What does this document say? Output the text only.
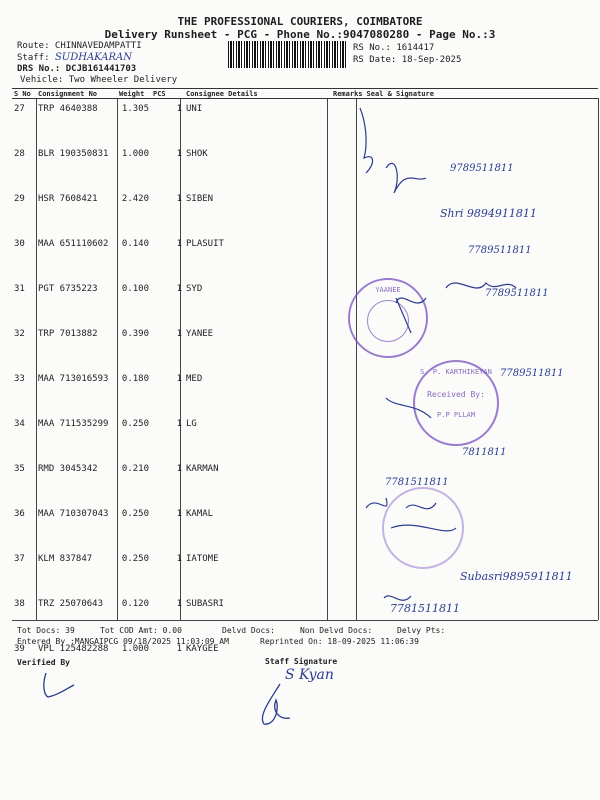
THE PROFESSIONAL COURIERS, COIMBATORE
Delivery Runsheet - PCG - Phone No.:9047080280 - Page No.:3
Route: CHINNAVEDAMPATTI
Staff: SUDHAKARAN
DRS No.: DCJB161441703
Vehicle: Two Wheeler Delivery
RS No.: 1614417
RS Date: 18-Sep-2025
S No	Consignment No	Weight	PCS	Consignee Details	Remarks	Seal & Signature
27	TRP 4640388	1.305	1	UNI		
28	BLR 190350831	1.000	1	SHOK		
29	HSR 7608421	2.420	1	SIBEN		
30	MAA 651110602	0.140	1	PLASUIT		
31	PGT 6735223	0.100	1	SYD		
32	TRP 7013882	0.390	1	YANEE		
33	MAA 713016593	0.180	1	MED		
34	MAA 711535299	0.250	1	LG		
35	RMD 3045342	0.210	1	KARMAN		
36	MAA 710307043	0.250	1	KAMAL		
37	KLM 837847	0.250	1	IATOME		
38	TRZ 25070643	0.120	1	SUBASRI		
39	VPL 125482288	1.000	1	KAYGEE		
YAANEE
S. P. KARTHIKEYAN
Received By:
P.P PLLAM
9789511811
Shri 9894911811
7789511811
7789511811
7789511811
7811811
7781511811
Subasri9895911811
7781511811
Tot Docs: 39	Tot COD Amt: 0.00	Delvd Docs:	Non Delvd Docs:	Delvy Pts:
Entered By :MANGAIPCG 09/18/2025 11:03:09 AM	Reprinted On: 18-09-2025 11:06:39
Verified By	Staff Signature
S Kyan
